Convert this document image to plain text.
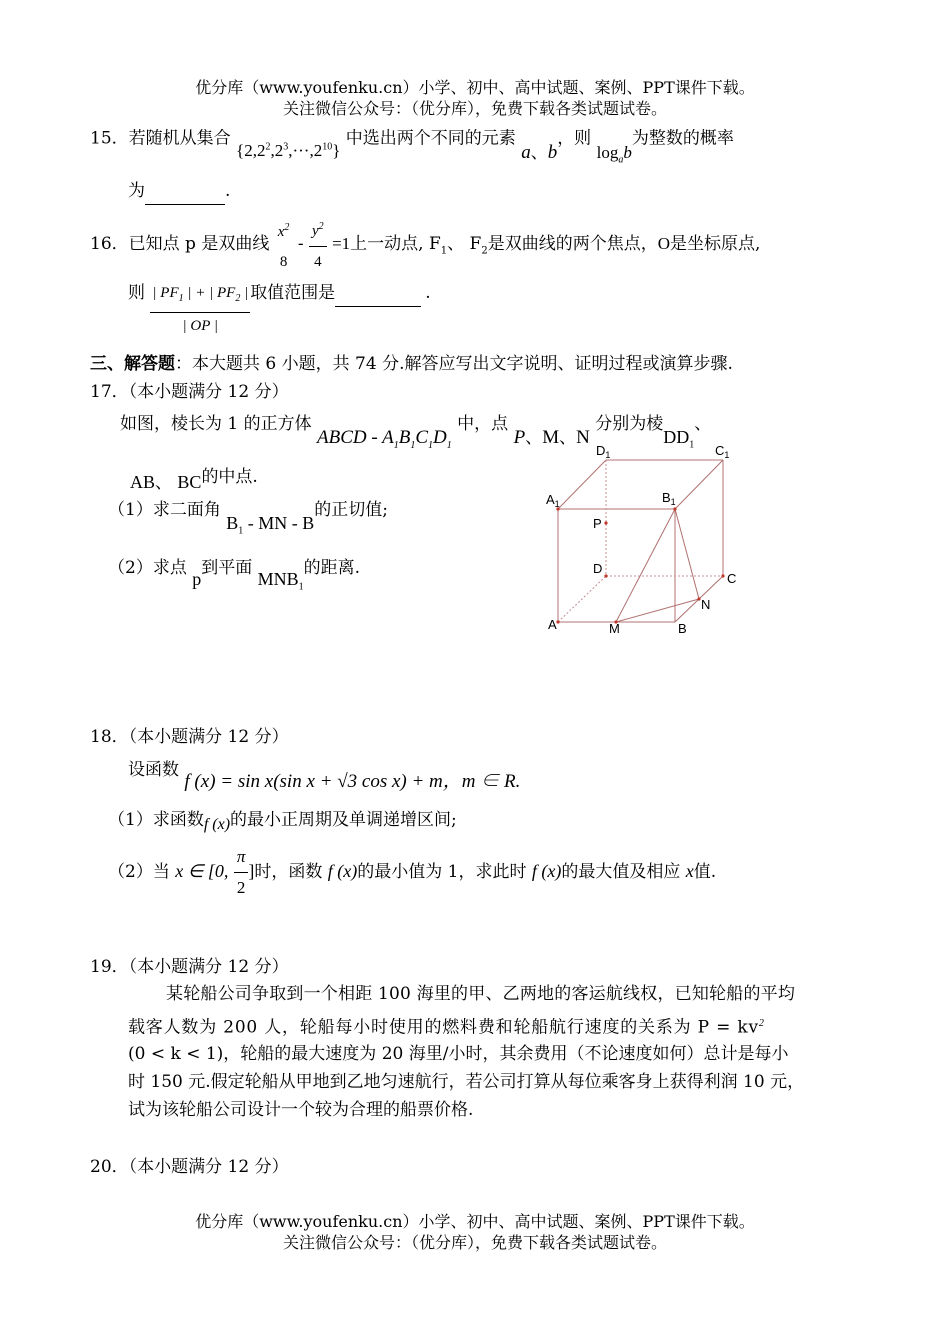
优分库（www.youfenku.cn）小学、初中、高中试题、案例、PPT课件下载。
关注微信公众号：（优分库），免费下载各类试题试卷。
15．若随机从集合 $\{2,2^2,2^3,\cdot\cdot\cdot,2^{10}\}$ 中选出两个不同的元素 a、b，则 $\log_ab$为整数的概率
为	.
16．已知点 p 是双曲线
$x^2$
8
- $\frac{y^2}{4} =1$上一动点, $F_1$、 $F_2$是双曲线的两个焦点，O是坐标原点,
则 $\frac{| PF_1 | + | PF_2 |}{| OP |}$ 取值范围是	.
三、解答题：本大题共 6 小题，共 74 分.解答应写出文字说明、证明过程或演算步骤.
17．（本小题满分 12 分）
如图，棱长为 1 的正方体 ABCD - $A_1B_1C_1D_1$ 中，点 P、M、N 分别为棱$DD_1$、
AB、 BC的中点.
（1）求二面角 $B_1$ - MN - B的正切值;
（2）求点 p到平面 $MNB_1$的距离.
$D_1$	$C_1$
$A_1$	$B_1$
P
D
C
N
A	M	B
18．（本小题满分 12 分）
设函数 f (x) = sin x(sin x + √3 cos x) + m，m ∈ R.
（1）求函数f (x)的最小正周期及单调递增区间;
（2）当 x ∈ [0, $\frac{\pi}{2}$ ]时，函数 f (x)的最小值为 1，求此时 f (x)的最大值及相应 x值.
19．（本小题满分 12 分）
某轮船公司争取到一个相距 100 海里的甲、乙两地的客运航线权，已知轮船的平均
载客人数为 200 人，轮船每小时使用的燃料费和轮船航行速度的关系为 $P = kv^2$
(0 < k < 1)，轮船的最大速度为 20 海里/小时，其余费用（不论速度如何）总计是每小
时 150 元.假定轮船从甲地到乙地匀速航行，若公司打算从每位乘客身上获得利润 10 元，
试为该轮船公司设计一个较为合理的船票价格.
20．（本小题满分 12 分）
优分库（www.youfenku.cn）小学、初中、高中试题、案例、PPT课件下载。
关注微信公众号：（优分库），免费下载各类试题试卷。
